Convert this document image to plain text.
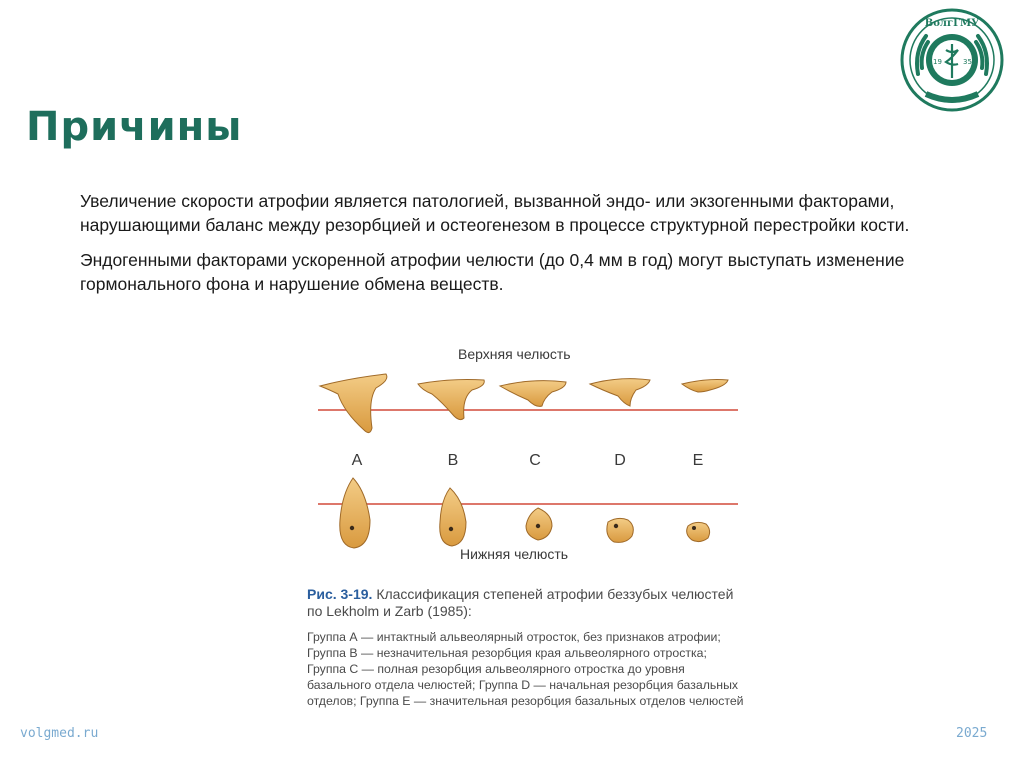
Причины

Увеличение скорости атрофии является патологией, вызванной эндо- или экзогенными факторами, нарушающими баланс между резорбцией и остеогенезом в процессе структурной перестройки кости.

Эндогенными факторами ускоренной атрофии челюсти (до 0,4 мм в год) могут выступать изменение гормонального фона и нарушение обмена веществ.

ВолгГМУ
19	35
Верхняя челюсть
A	B	C	D	E
Нижняя челюсть
Рис. 3-19. Классификация степеней атрофии беззубых челюстей по Lekholm и Zarb (1985):
Группа А — интактный альвеолярный отросток, без признаков атрофии; Группа В — незначительная резорбция края альвеолярного отростка; Группа С — полная резорбция альвеолярного отростка до уровня базального отдела челюстей; Группа D — начальная резорбция базальных отделов; Группа Е — значительная резорбция базальных отделов челюстей
volgmed.ru	2025
